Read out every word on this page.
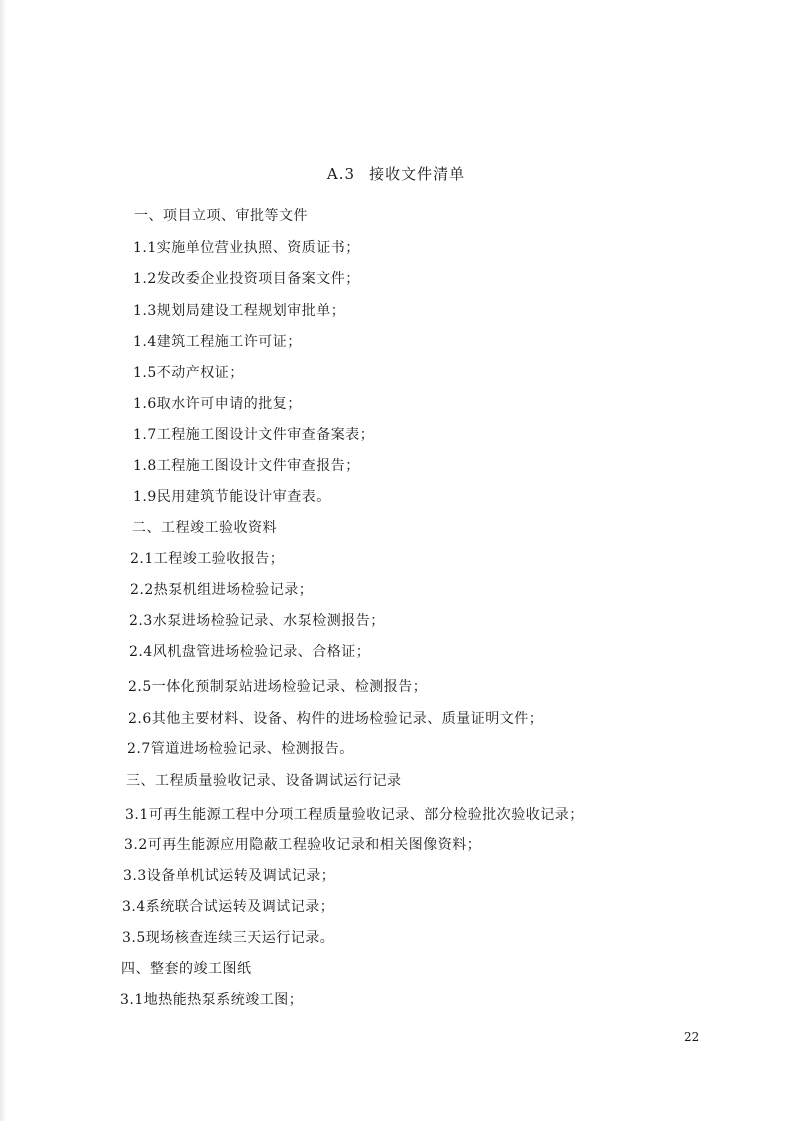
A.3 接收文件清单
一、项目立项、审批等文件
1.1实施单位营业执照、资质证书；
1.2发改委企业投资项目备案文件；
1.3规划局建设工程规划审批单；
1.4建筑工程施工许可证；
1.5不动产权证；
1.6取水许可申请的批复；
1.7工程施工图设计文件审查备案表；
1.8工程施工图设计文件审查报告；
1.9民用建筑节能设计审查表。
二、工程竣工验收资料
2.1工程竣工验收报告；
2.2热泵机组进场检验记录；
2.3水泵进场检验记录、水泵检测报告；
2.4风机盘管进场检验记录、合格证；
2.5一体化预制泵站进场检验记录、检测报告；
2.6其他主要材料、设备、构件的进场检验记录、质量证明文件；
2.7管道进场检验记录、检测报告。
三、工程质量验收记录、设备调试运行记录
3.1可再生能源工程中分项工程质量验收记录、部分检验批次验收记录；
3.2可再生能源应用隐蔽工程验收记录和相关图像资料；
3.3设备单机试运转及调试记录；
3.4系统联合试运转及调试记录；
3.5现场核查连续三天运行记录。
四、整套的竣工图纸
3.1地热能热泵系统竣工图；
22
